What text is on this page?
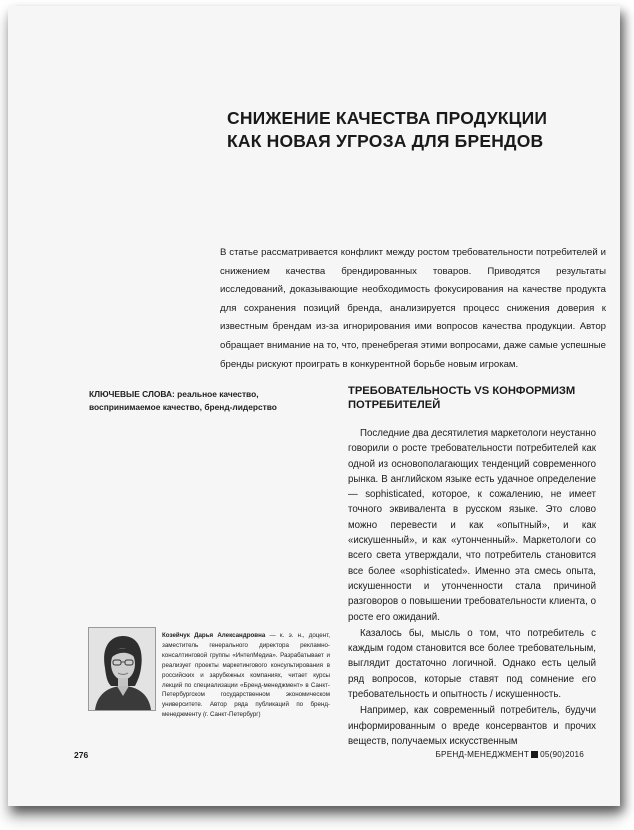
СНИЖЕНИЕ КАЧЕСТВА ПРОДУКЦИИ
КАК НОВАЯ УГРОЗА ДЛЯ БРЕНДОВ

В статье рассматривается конфликт между ростом требовательности потребителей и снижением качества брендированных товаров. Приводятся результаты исследований, доказывающие необходимость фокусирования на качестве продукта для сохранения позиций бренда, анализируется процесс снижения доверия к известным брендам из-за игнорирования ими вопросов качества продукции. Автор обращает внимание на то, что, пренебрегая этими вопросами, даже самые успешные бренды рискуют проиграть в конкурентной борьбе новым игрокам.

КЛЮЧЕВЫЕ СЛОВА: реальное качество, воспринимаемое качество, бренд-лидерство

ТРЕБОВАТЕЛЬНОСТЬ VS КОНФОРМИЗМ
ПОТРЕБИТЕЛЕЙ

Последние два десятилетия маркетологи неустанно говорили о росте требовательности потребителей как одной из основополагающих тенденций современного рынка. В английском языке есть удачное определение — sophisticated, которое, к сожалению, не имеет точного эквивалента в русском языке. Это слово можно перевести и как «опытный», и как «искушенный», и как «утонченный». Маркетологи со всего света утверждали, что потребитель становится все более «sophisticated». Именно эта смесь опыта, искушенности и утонченности стала причиной разговоров о повышении требовательности клиента, о росте его ожиданий.

Казалось бы, мысль о том, что потребитель с каждым годом становится все более требовательным, выглядит достаточно логичной. Однако есть целый ряд вопросов, которые ставят под сомнение его требовательность и опытность / искушенность.

Например, как современный потребитель, будучи информированным о вреде консервантов и прочих веществ, получаемых искусственным

Козейчук Дарья Александровна — к. э. н., доцент, заместитель генерального директора рекламно-консалтинговой группы «ИнтелМедиа». Разрабатывает и реализует проекты маркетингового консультирования в российских и зарубежных компаниях, читает курсы лекций по специализации «Бренд-менеджмент» в Санкт-Петербургском государственном экономическом университете. Автор ряда публикаций по бренд-менеджменту (г. Санкт-Петербург)

276	БРЕНД-МЕНЕДЖМЕНТ 05(90)2016
